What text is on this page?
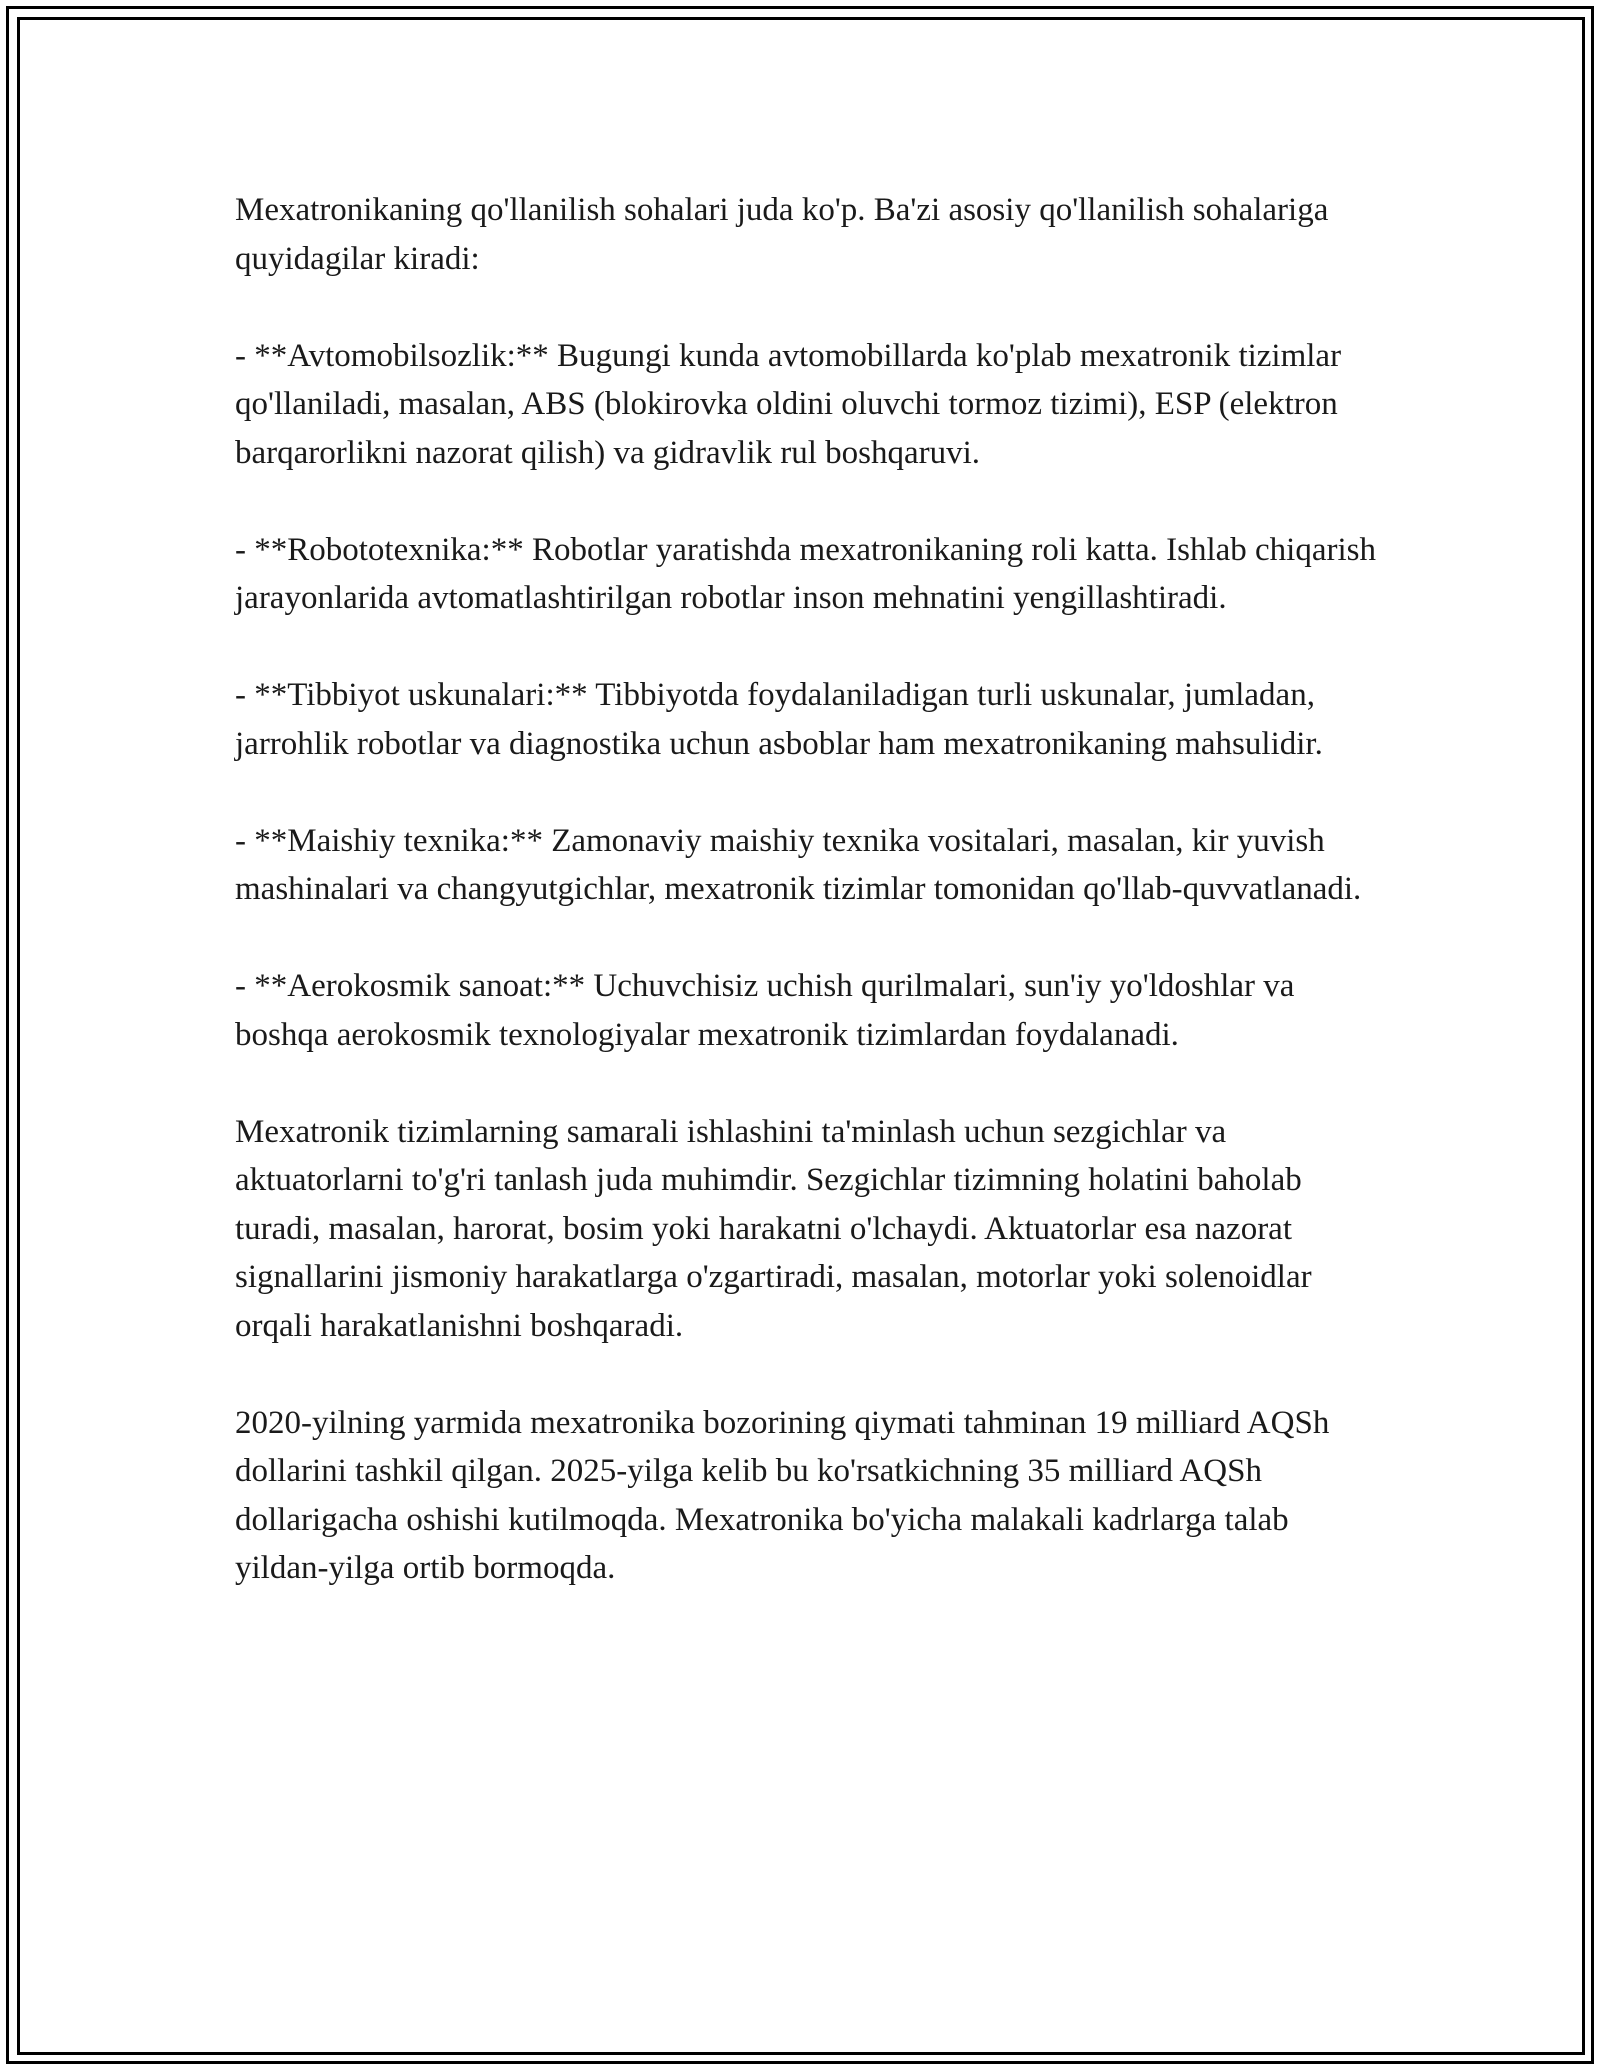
Mexatronikaning qo'llanilish sohalari juda ko'p. Ba'zi asosiy qo'llanilish sohalariga quyidagilar kiradi:

- **Avtomobilsozlik:** Bugungi kunda avtomobillarda ko'plab mexatronik tizimlar qo'llaniladi, masalan, ABS (blokirovka oldini oluvchi tormoz tizimi), ESP (elektron barqarorlikni nazorat qilish) va gidravlik rul boshqaruvi.

- **Robototexnika:** Robotlar yaratishda mexatronikaning roli katta. Ishlab chiqarish jarayonlarida avtomatlashtirilgan robotlar inson mehnatini yengillashtiradi.

- **Tibbiyot uskunalari:** Tibbiyotda foydalaniladigan turli uskunalar, jumladan, jarrohlik robotlar va diagnostika uchun asboblar ham mexatronikaning mahsulidir.

- **Maishiy texnika:** Zamonaviy maishiy texnika vositalari, masalan, kir yuvish mashinalari va changyutgichlar, mexatronik tizimlar tomonidan qo'llab-quvvatlanadi.

- **Aerokosmik sanoat:** Uchuvchisiz uchish qurilmalari, sun'iy yo'ldoshlar va boshqa aerokosmik texnologiyalar mexatronik tizimlardan foydalanadi.

Mexatronik tizimlarning samarali ishlashini ta'minlash uchun sezgichlar va aktuatorlarni to'g'ri tanlash juda muhimdir. Sezgichlar tizimning holatini baholab turadi, masalan, harorat, bosim yoki harakatni o'lchaydi. Aktuatorlar esa nazorat signallarini jismoniy harakatlarga o'zgartiradi, masalan, motorlar yoki solenoidlar orqali harakatlanishni boshqaradi.

2020-yilning yarmida mexatronika bozorining qiymati tahminan 19 milliard AQSh dollarini tashkil qilgan. 2025-yilga kelib bu ko'rsatkichning 35 milliard AQSh dollarigacha oshishi kutilmoqda. Mexatronika bo'yicha malakali kadrlarga talab yildan-yilga ortib bormoqda.
